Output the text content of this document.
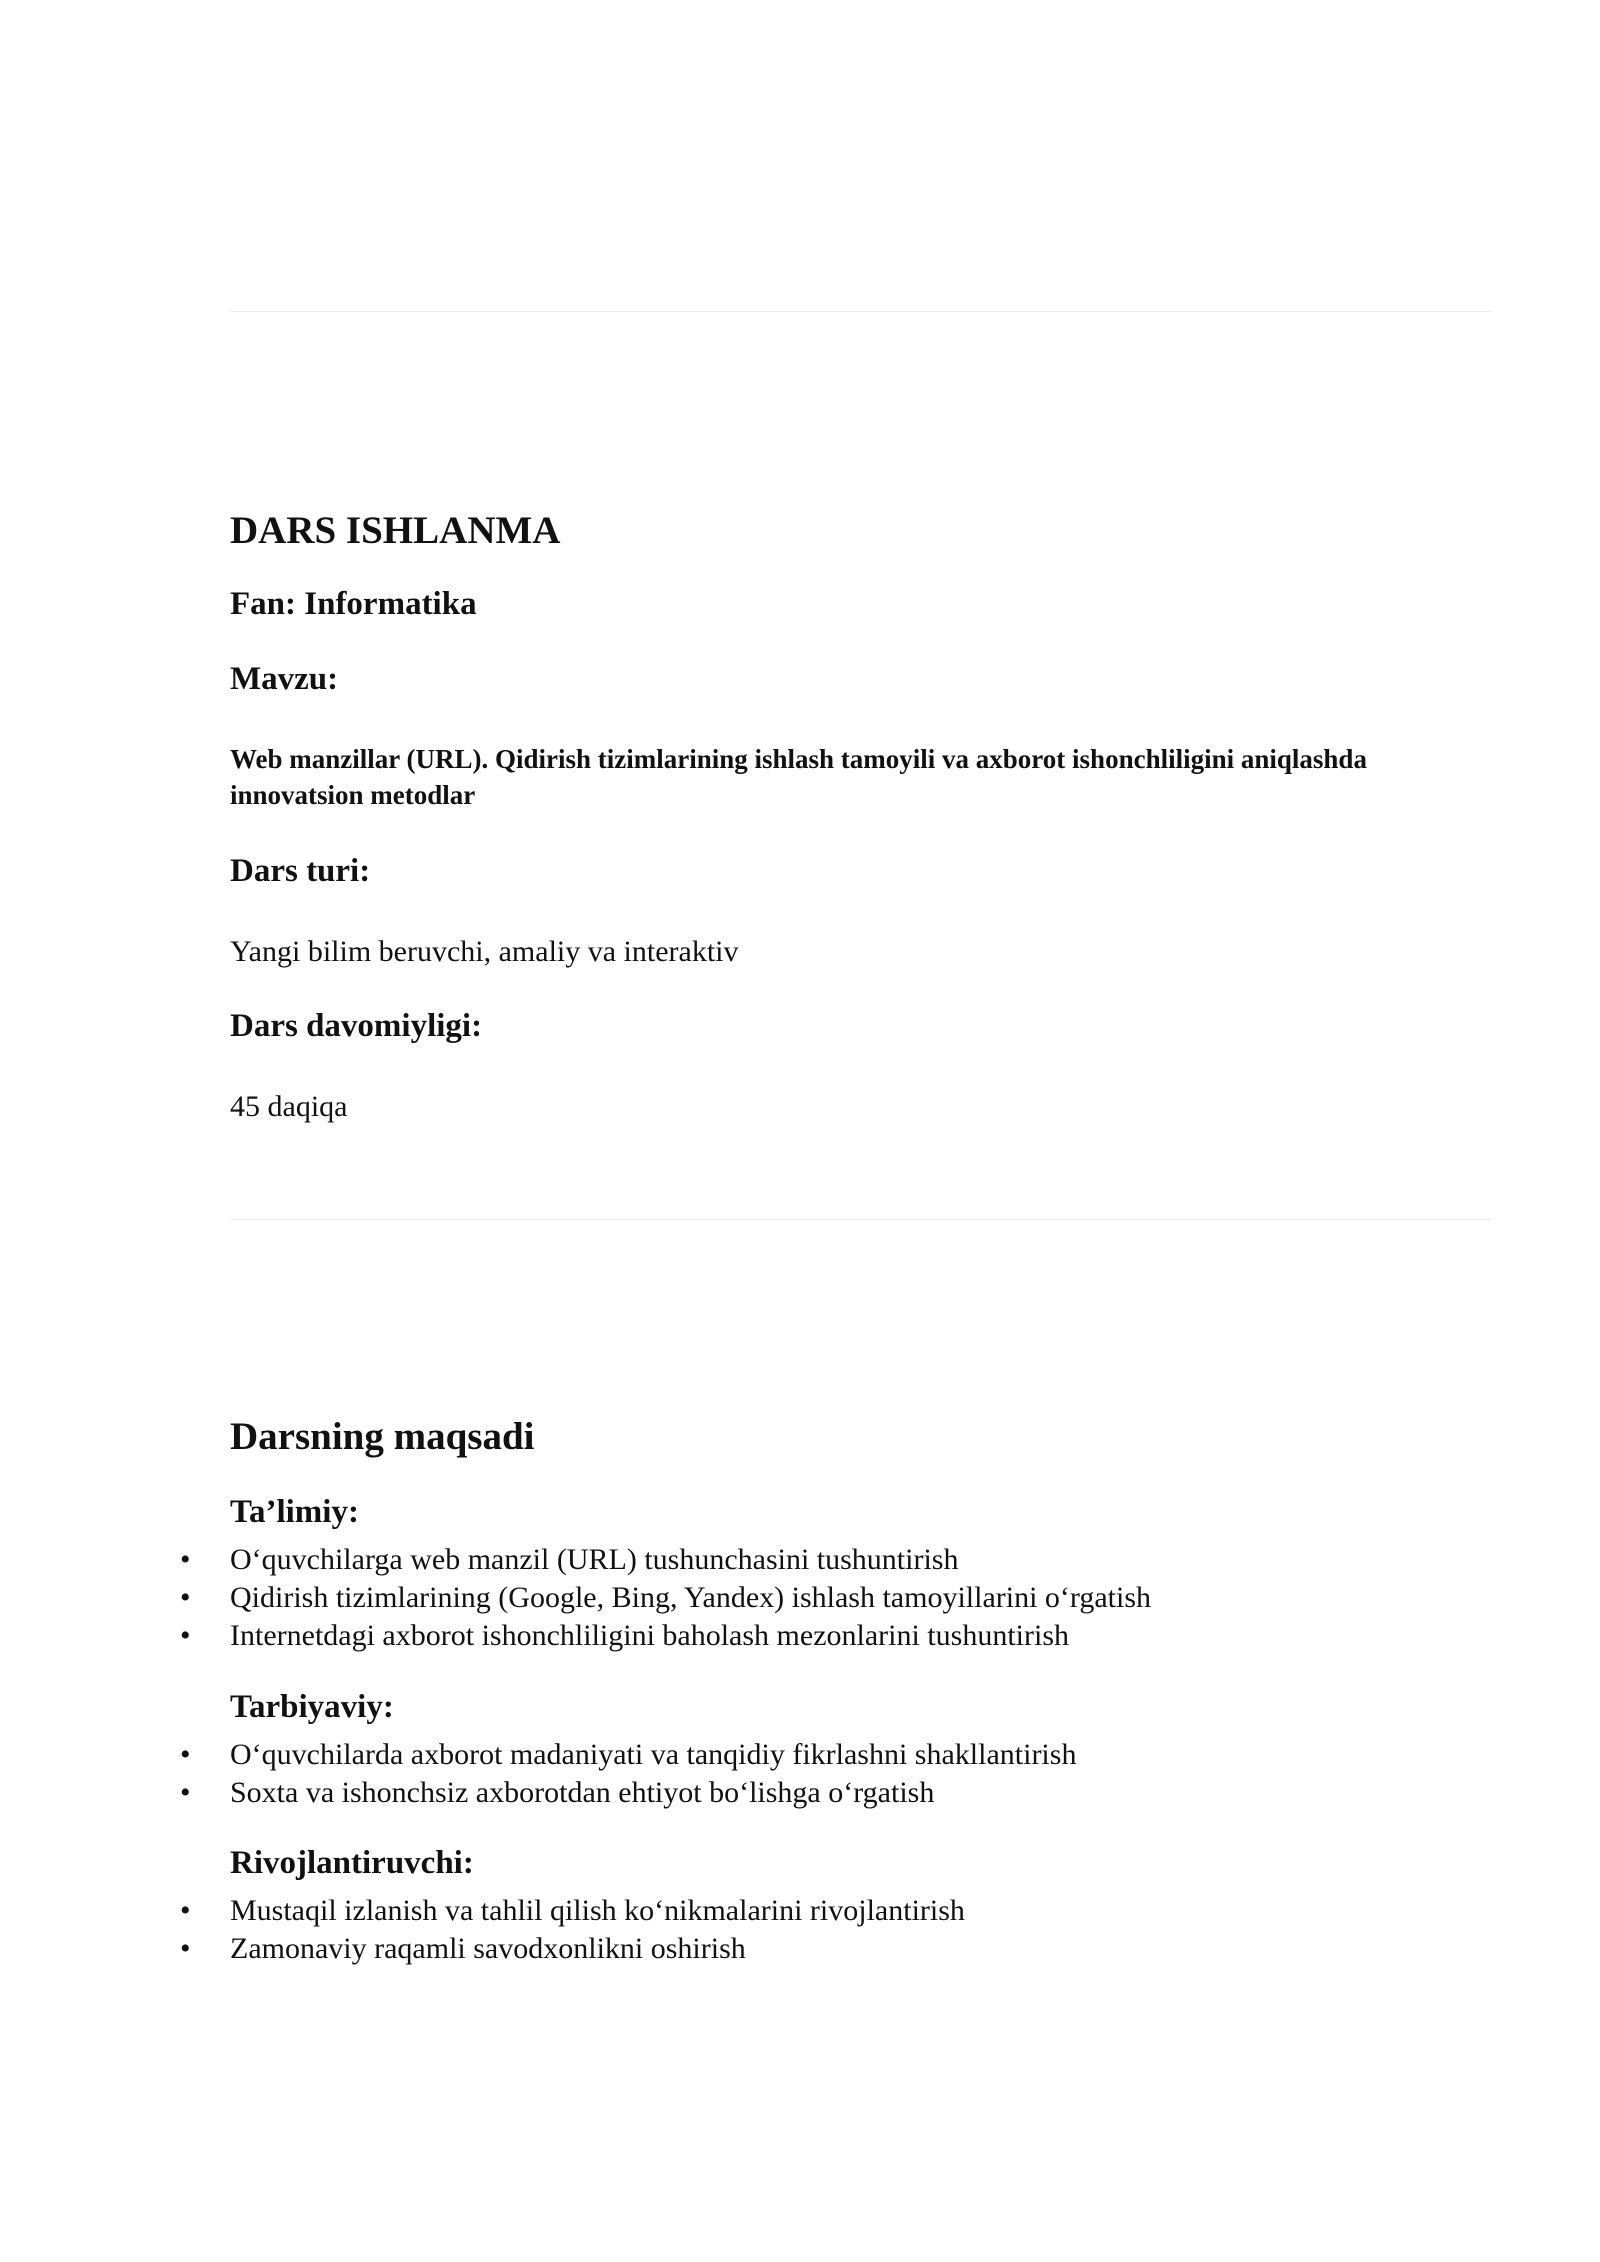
DARS ISHLANMA
Fan: Informatika
Mavzu:
Web manzillar (URL). Qidirish tizimlarining ishlash tamoyili va axborot ishonchliligini aniqlashda innovatsion metodlar
Dars turi:

Yangi bilim beruvchi, amaliy va interaktiv

Dars davomiyligi:

45 daqiqa

Darsning maqsadi
Ta’limiy:
• O‘quvchilarga web manzil (URL) tushunchasini tushuntirish
• Qidirish tizimlarining (Google, Bing, Yandex) ishlash tamoyillarini o‘rgatish
• Internetdagi axborot ishonchliligini baholash mezonlarini tushuntirish
Tarbiyaviy:
• O‘quvchilarda axborot madaniyati va tanqidiy fikrlashni shakllantirish
• Soxta va ishonchsiz axborotdan ehtiyot bo‘lishga o‘rgatish
Rivojlantiruvchi:
• Mustaqil izlanish va tahlil qilish ko‘nikmalarini rivojlantirish
• Zamonaviy raqamli savodxonlikni oshirish
